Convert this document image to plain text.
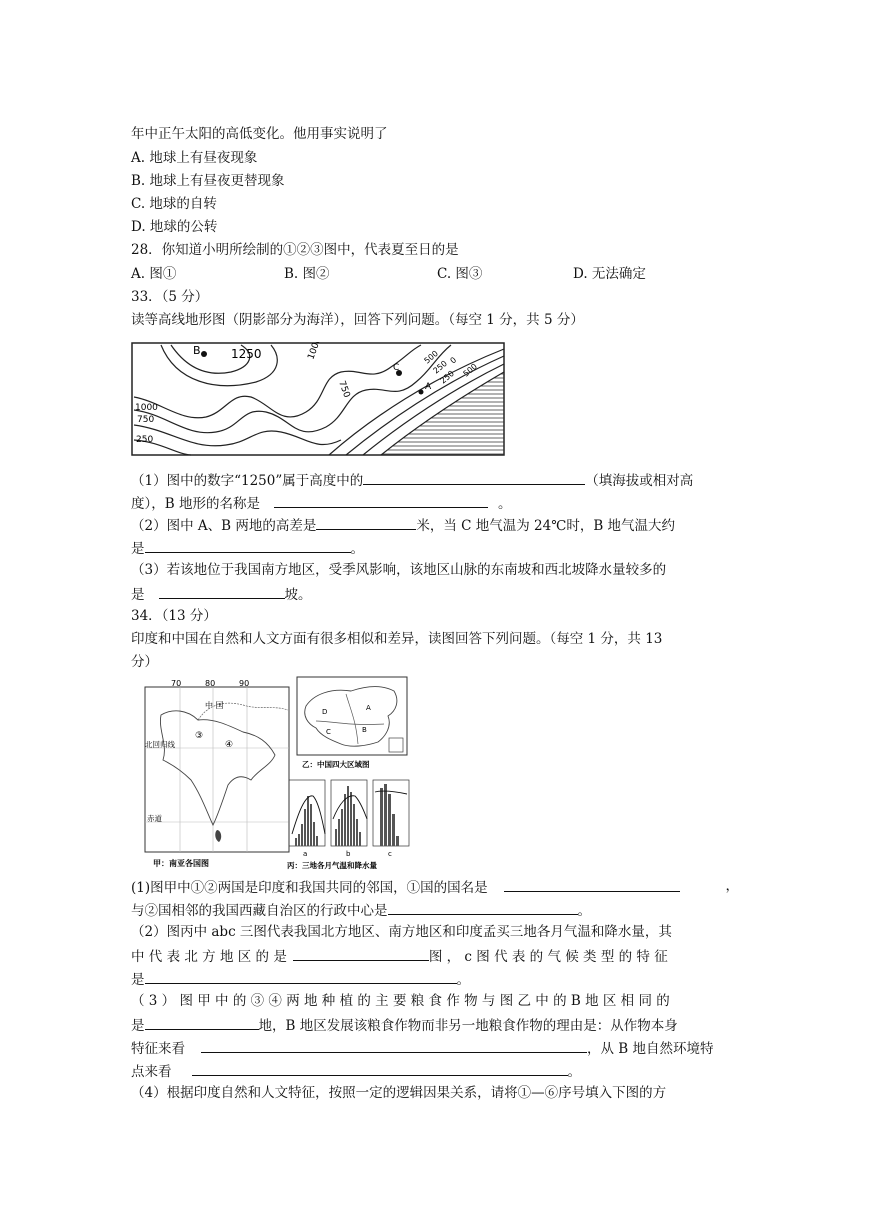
年中正午太阳的高低变化。他用事实说明了
A. 地球上有昼夜现象
B. 地球上有昼夜更替现象
C. 地球的自转
D. 地球的公转
28．你知道小明所绘制的①②③图中，代表夏至日的是
A. 图①	B. 图②	C. 图③	D. 无法确定
33．（5 分）
读等高线地形图（阴影部分为海洋），回答下列问题。（每空 1 分，共 5 分）
B	1250	1000
750
1000
750
250
C
A
500
250 0
250 500
（1）图中的数字“1250”属于高度中的	（填海拔或相对高
度），B 地形的名称是	。
（2）图中 A、B 两地的高差是	米，当 C 地气温为 24℃时，B 地气温大约
是	。
（3）若该地位于我国南方地区，受季风影响，该地区山脉的东南坡和西北坡降水量较多的
是	坡。
34．（13 分）
印度和中国在自然和人文方面有很多相似和差异，读图回答下列问题。（每空 1 分，共 13
分）
70	80	90
中 国
北回归线
赤道
③
④
甲：南亚各国图
A
B
C
D
乙：中国四大区域图
a	b	c
丙：三地各月气温和降水量
(1)图甲中①②两国是印度和我国共同的邻国，①国的国名是	，
与②国相邻的我国西藏自治区的行政中心是	。
（2）图丙中 abc 三图代表我国北方地区、南方地区和印度孟买三地各月气温和降水量，其
中 代 表 北 方 地 区 的 是	图 ， c 图 代 表 的 气 候 类 型 的 特 征
是	。
（ 3 ） 图 甲 中 的 ③ ④ 两 地 种 植 的 主 要 粮 食 作 物 与 图 乙 中 的 B 地 区 相 同 的
是	地，B 地区发展该粮食作物而非另一地粮食作物的理由是：从作物本身
特征来看	，从 B 地自然环境特
点来看	。
（4）根据印度自然和人文特征，按照一定的逻辑因果关系，请将①—⑥序号填入下图的方
